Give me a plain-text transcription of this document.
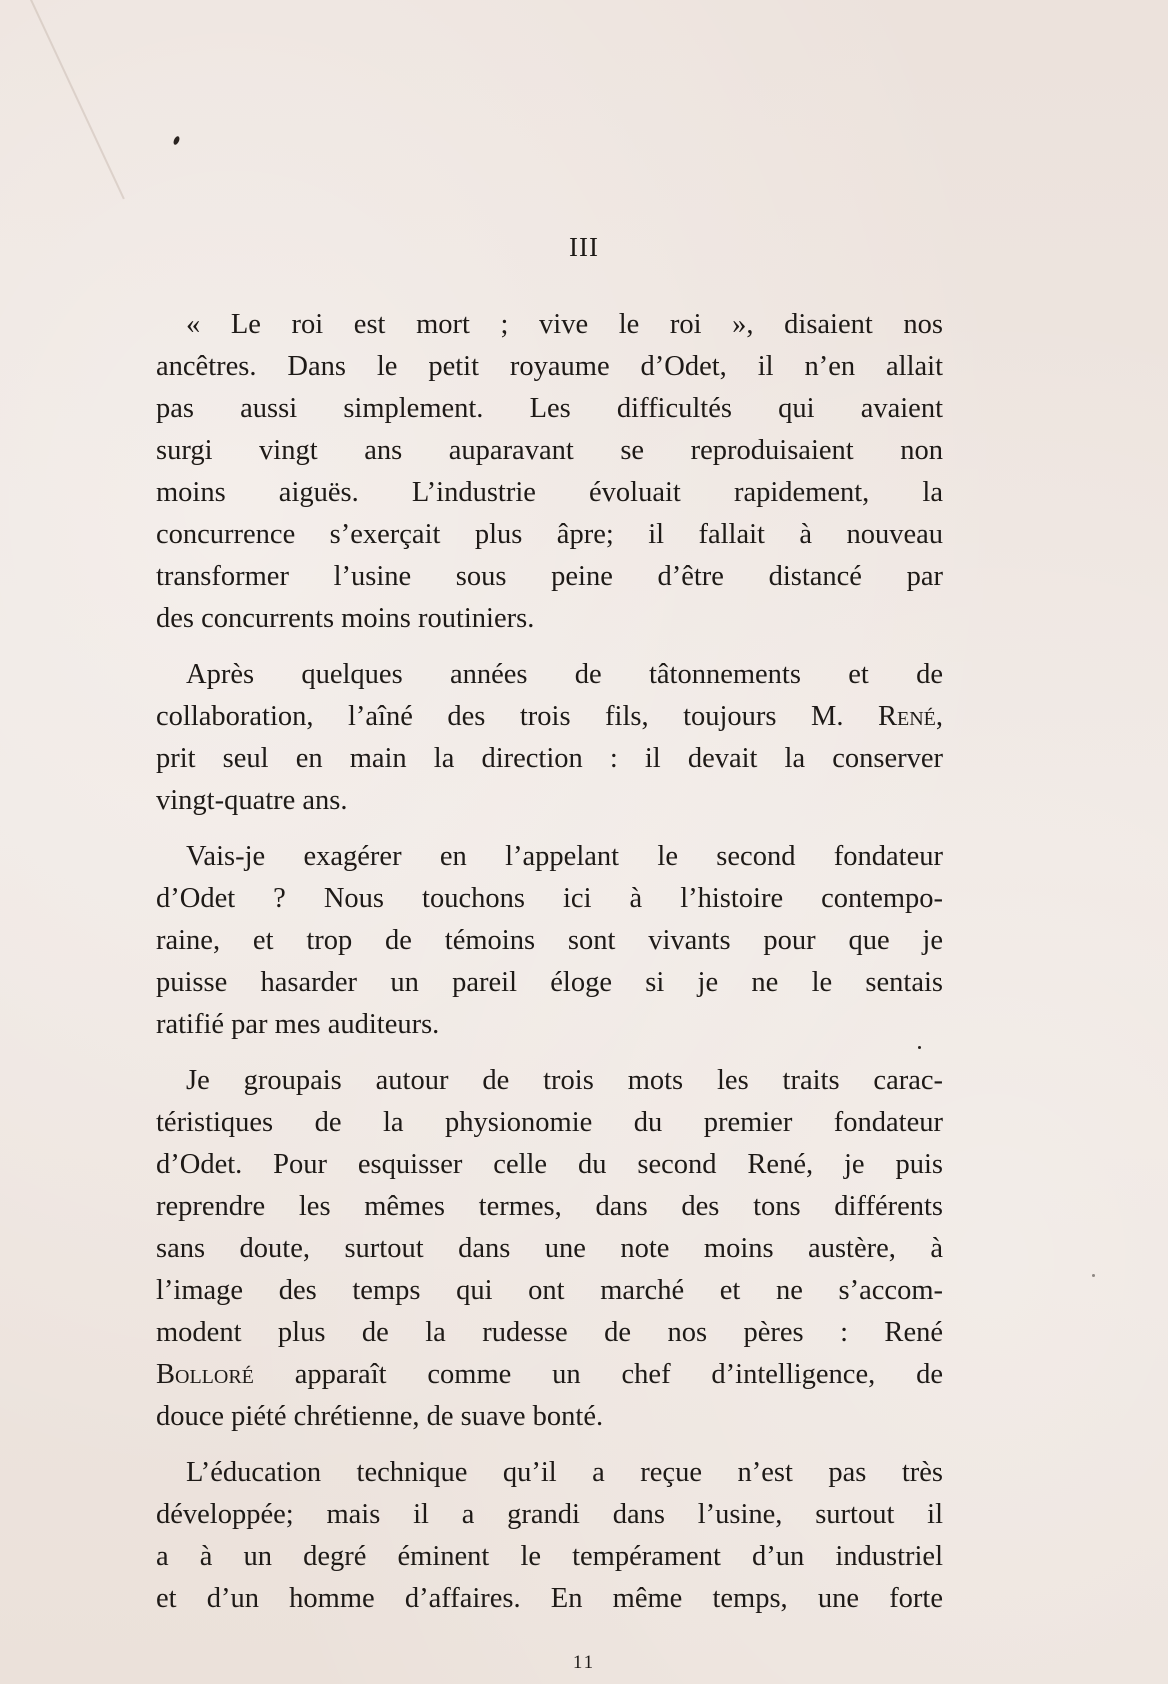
III

« Le roi est mort ; vive le roi », disaient nos
ancêtres. Dans le petit royaume d’Odet, il n’en allait
pas aussi simplement. Les difficultés qui avaient
surgi vingt ans auparavant se reproduisaient non
moins aiguës. L’industrie évoluait rapidement, la
concurrence s’exerçait plus âpre; il fallait à nouveau
transformer l’usine sous peine d’être distancé par
des concurrents moins routiniers.

Après quelques années de tâtonnements et de
collaboration, l’aîné des trois fils, toujours M. René,
prit seul en main la direction : il devait la conserver
vingt-quatre ans.

Vais-je exagérer en l’appelant le second fondateur
d’Odet ? Nous touchons ici à l’histoire contempo-
raine, et trop de témoins sont vivants pour que je
puisse hasarder un pareil éloge si je ne le sentais
ratifié par mes auditeurs.

Je groupais autour de trois mots les traits carac-
téristiques de la physionomie du premier fondateur
d’Odet. Pour esquisser celle du second René, je puis
reprendre les mêmes termes, dans des tons différents
sans doute, surtout dans une note moins austère, à
l’image des temps qui ont marché et ne s’accom-
modent plus de la rudesse de nos pères : René
Bolloré apparaît comme un chef d’intelligence, de
douce piété chrétienne, de suave bonté.

L’éducation technique qu’il a reçue n’est pas très
développée; mais il a grandi dans l’usine, surtout il
a à un degré éminent le tempérament d’un industriel
et d’un homme d’affaires. En même temps, une forte

11
